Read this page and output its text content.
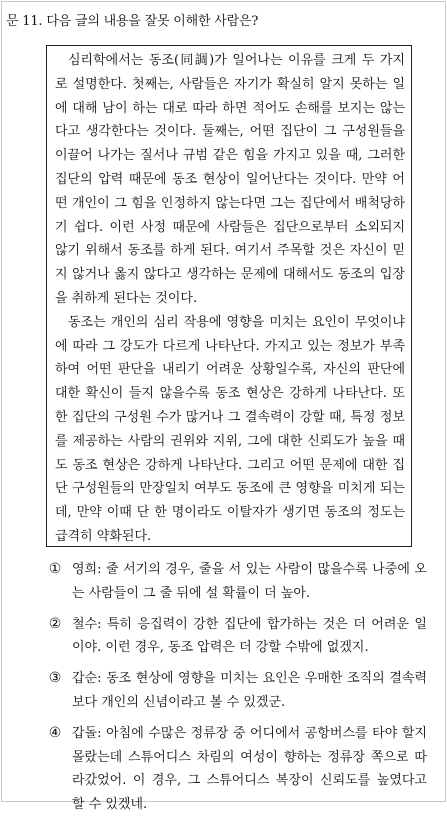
문 11. 다음 글의 내용을 잘못 이해한 사람은?

심리학에서는 동조(同調)가 일어나는 이유를 크게 두 가지로 설명한다. 첫째는, 사람들은 자기가 확실히 알지 못하는 일에 대해 남이 하는 대로 따라 하면 적어도 손해를 보지는 않는다고 생각한다는 것이다. 둘째는, 어떤 집단이 그 구성원들을 이끌어 나가는 질서나 규범 같은 힘을 가지고 있을 때, 그러한 집단의 압력 때문에 동조 현상이 일어난다는 것이다. 만약 어떤 개인이 그 힘을 인정하지 않는다면 그는 집단에서 배척당하기 쉽다. 이런 사정 때문에 사람들은 집단으로부터 소외되지 않기 위해서 동조를 하게 된다. 여기서 주목할 것은 자신이 믿지 않거나 옳지 않다고 생각하는 문제에 대해서도 동조의 입장을 취하게 된다는 것이다.

동조는 개인의 심리 작용에 영향을 미치는 요인이 무엇이냐에 따라 그 강도가 다르게 나타난다. 가지고 있는 정보가 부족하여 어떤 판단을 내리기 어려운 상황일수록, 자신의 판단에 대한 확신이 들지 않을수록 동조 현상은 강하게 나타난다. 또한 집단의 구성원 수가 많거나 그 결속력이 강할 때, 특정 정보를 제공하는 사람의 권위와 지위, 그에 대한 신뢰도가 높을 때도 동조 현상은 강하게 나타난다. 그리고 어떤 문제에 대한 집단 구성원들의 만장일치 여부도 동조에 큰 영향을 미치게 되는데, 만약 이때 단 한 명이라도 이탈자가 생기면 동조의 정도는 급격히 약화된다.

① 영희: 줄 서기의 경우, 줄을 서 있는 사람이 많을수록 나중에 오는 사람들이 그 줄 뒤에 설 확률이 더 높아.
② 철수: 특히 응집력이 강한 집단에 합가하는 것은 더 어려운 일이야. 이런 경우, 동조 압력은 더 강할 수밖에 없겠지.
③ 갑순: 동조 현상에 영향을 미치는 요인은 우매한 조직의 결속력보다 개인의 신념이라고 볼 수 있겠군.
④ 갑돌: 아침에 수많은 정류장 중 어디에서 공항버스를 타야 할지 몰랐는데 스튜어디스 차림의 여성이 향하는 정류장 쪽으로 따라갔었어. 이 경우, 그 스튜어디스 복장이 신뢰도를 높였다고 할 수 있겠네.
